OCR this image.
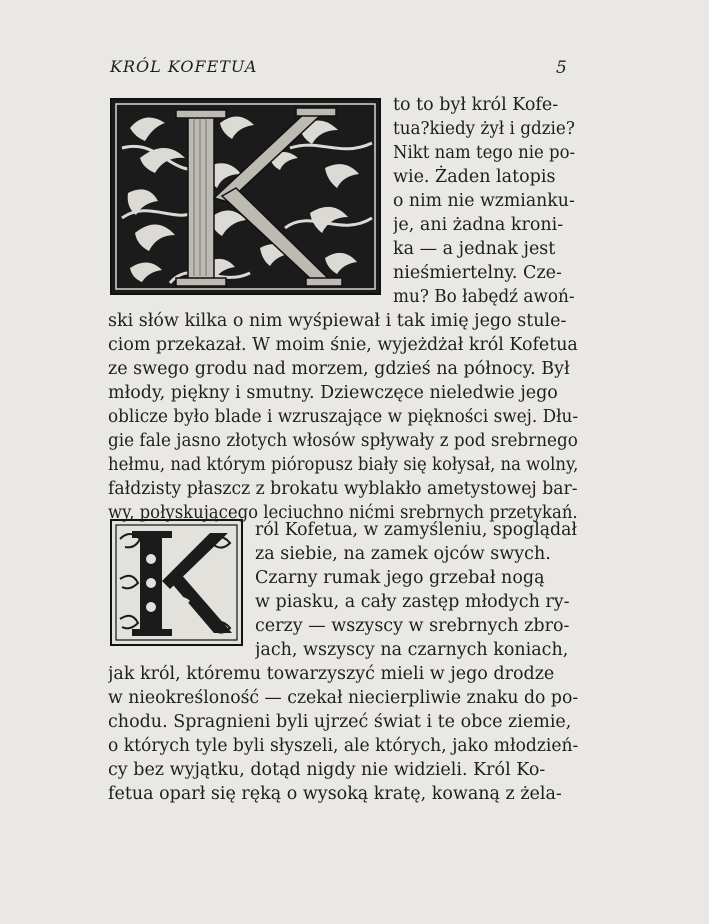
KRÓL KOFETUA	5
to to był król Kofe-
tua?kiedy żył i gdzie?
Nikt nam tego nie po-
wie. Żaden latopis
o nim nie wzmianku-
je, ani żadna kroni-
ka — a jednak jest
nieśmiertelny. Cze-
mu? Bo łabędź awoń-
ski słów kilka o nim wyśpiewał i tak imię jego stule-
ciom przekazał. W moim śnie, wyjeżdżał król Kofetua
ze swego grodu nad morzem, gdzieś na północy. Był
młody, piękny i smutny. Dziewczęce nieledwie jego
oblicze było blade i wzruszające w piękności swej. Dłu-
gie fale jasno złotych włosów spływały z pod srebrnego
hełmu, nad którym pióropusz biały się kołysał, na wolny,
fałdzisty płaszcz z brokatu wyblakło ametystowej bar-
wy, połyskującego leciuchno nićmi srebrnych przetykań.
ról Kofetua, w zamyśleniu, spoglądał
za siebie, na zamek ojców swych.
Czarny rumak jego grzebał nogą
w piasku, a cały zastęp młodych ry-
cerzy — wszyscy w srebrnych zbro-
jach, wszyscy na czarnych koniach,
jak król, któremu towarzyszyć mieli w jego drodze
w nieokreśloność — czekał niecierpliwie znaku do po-
chodu. Spragnieni byli ujrzeć świat i te obce ziemie,
o których tyle byli słyszeli, ale których, jako młodzień-
cy bez wyjątku, dotąd nigdy nie widzieli. Król Ko-
fetua oparł się ręką o wysoką kratę, kowaną z żela-
